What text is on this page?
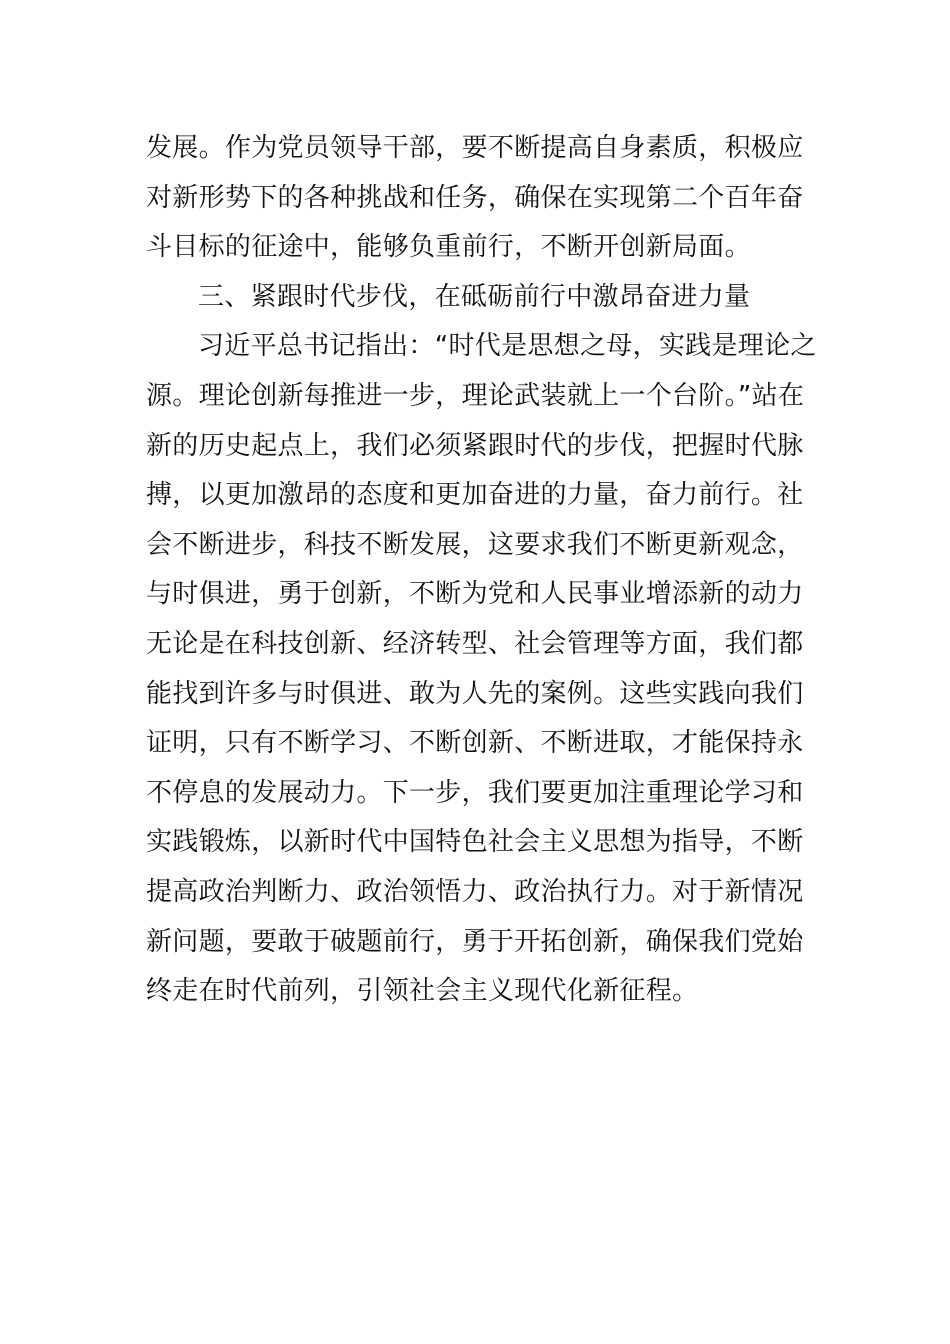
发展。作为党员领导干部，要不断提高自身素质，积极应
对新形势下的各种挑战和任务，确保在实现第二个百年奋
斗目标的征途中，能够负重前行，不断开创新局面。
三、紧跟时代步伐，在砥砺前行中激昂奋进力量
习近平总书记指出：“时代是思想之母，实践是理论之
源。理论创新每推进一步，理论武装就上一个台阶。”站在
新的历史起点上，我们必须紧跟时代的步伐，把握时代脉
搏，以更加激昂的态度和更加奋进的力量，奋力前行。社
会不断进步，科技不断发展，这要求我们不断更新观念，
与时俱进，勇于创新，不断为党和人民事业增添新的动力
无论是在科技创新、经济转型、社会管理等方面，我们都
能找到许多与时俱进、敢为人先的案例。这些实践向我们
证明，只有不断学习、不断创新、不断进取，才能保持永
不停息的发展动力。下一步，我们要更加注重理论学习和
实践锻炼，以新时代中国特色社会主义思想为指导，不断
提高政治判断力、政治领悟力、政治执行力。对于新情况
新问题，要敢于破题前行，勇于开拓创新，确保我们党始
终走在时代前列，引领社会主义现代化新征程。
